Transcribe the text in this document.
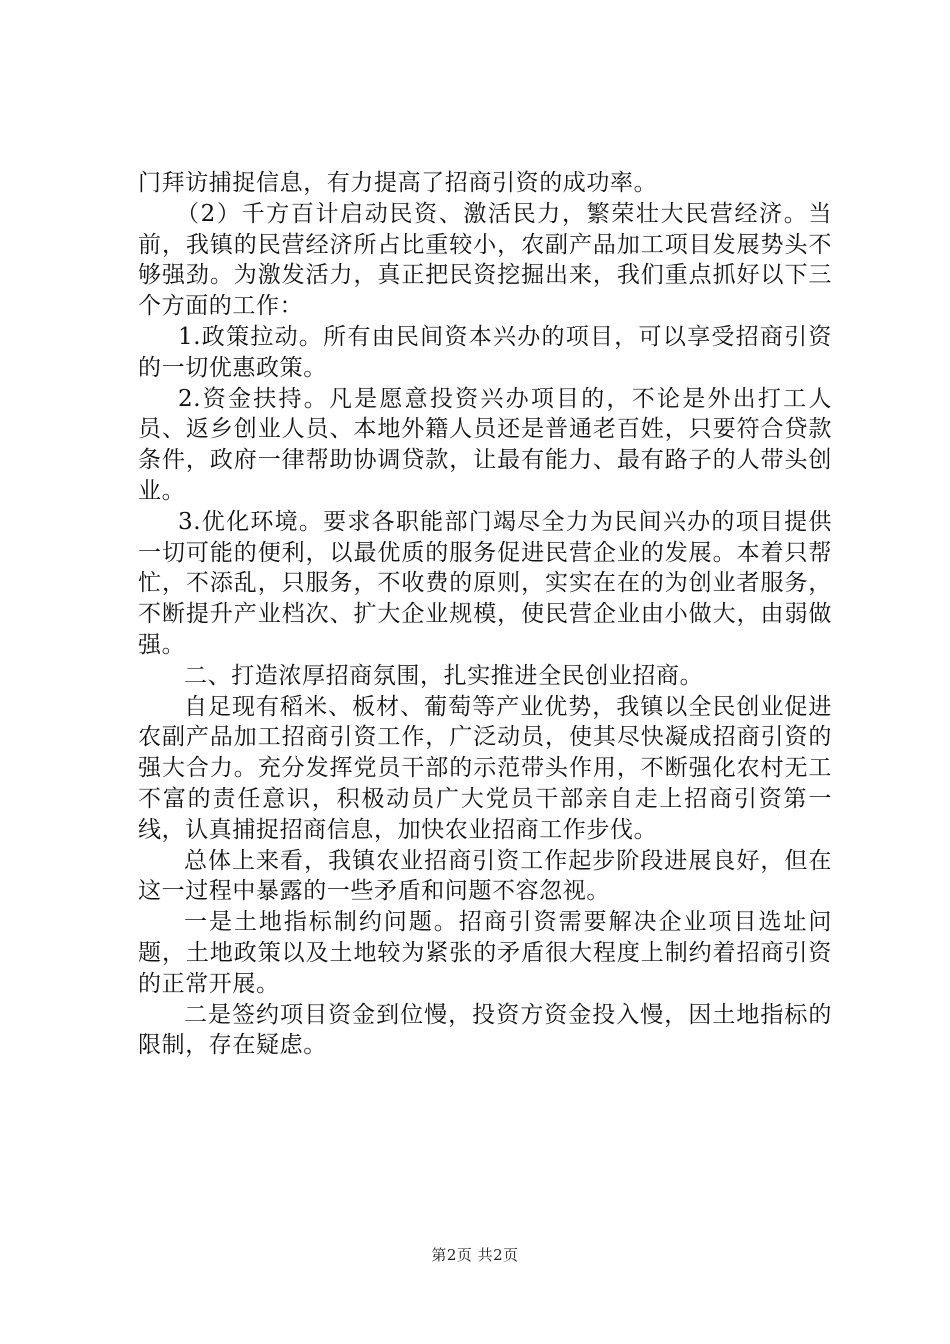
门拜访捕捉信息，有力提高了招商引资的成功率。

（2）千方百计启动民资、激活民力，繁荣壮大民营经济。当前，我镇的民营经济所占比重较小，农副产品加工项目发展势头不够强劲。为激发活力，真正把民资挖掘出来，我们重点抓好以下三个方面的工作：

1.政策拉动。所有由民间资本兴办的项目，可以享受招商引资的一切优惠政策。

2.资金扶持。凡是愿意投资兴办项目的，不论是外出打工人员、返乡创业人员、本地外籍人员还是普通老百姓，只要符合贷款条件，政府一律帮助协调贷款，让最有能力、最有路子的人带头创业。

3.优化环境。要求各职能部门竭尽全力为民间兴办的项目提供一切可能的便利，以最优质的服务促进民营企业的发展。本着只帮忙，不添乱，只服务，不收费的原则，实实在在的为创业者服务，不断提升产业档次、扩大企业规模，使民营企业由小做大，由弱做强。

二、打造浓厚招商氛围，扎实推进全民创业招商。

自足现有稻米、板材、葡萄等产业优势，我镇以全民创业促进农副产品加工招商引资工作，广泛动员，使其尽快凝成招商引资的强大合力。充分发挥党员干部的示范带头作用，不断强化农村无工不富的责任意识，积极动员广大党员干部亲自走上招商引资第一线，认真捕捉招商信息，加快农业招商工作步伐。

总体上来看，我镇农业招商引资工作起步阶段进展良好，但在这一过程中暴露的一些矛盾和问题不容忽视。

一是土地指标制约问题。招商引资需要解决企业项目选址问题，土地政策以及土地较为紧张的矛盾很大程度上制约着招商引资的正常开展。

二是签约项目资金到位慢，投资方资金投入慢，因土地指标的限制，存在疑虑。

第2页 共2页
